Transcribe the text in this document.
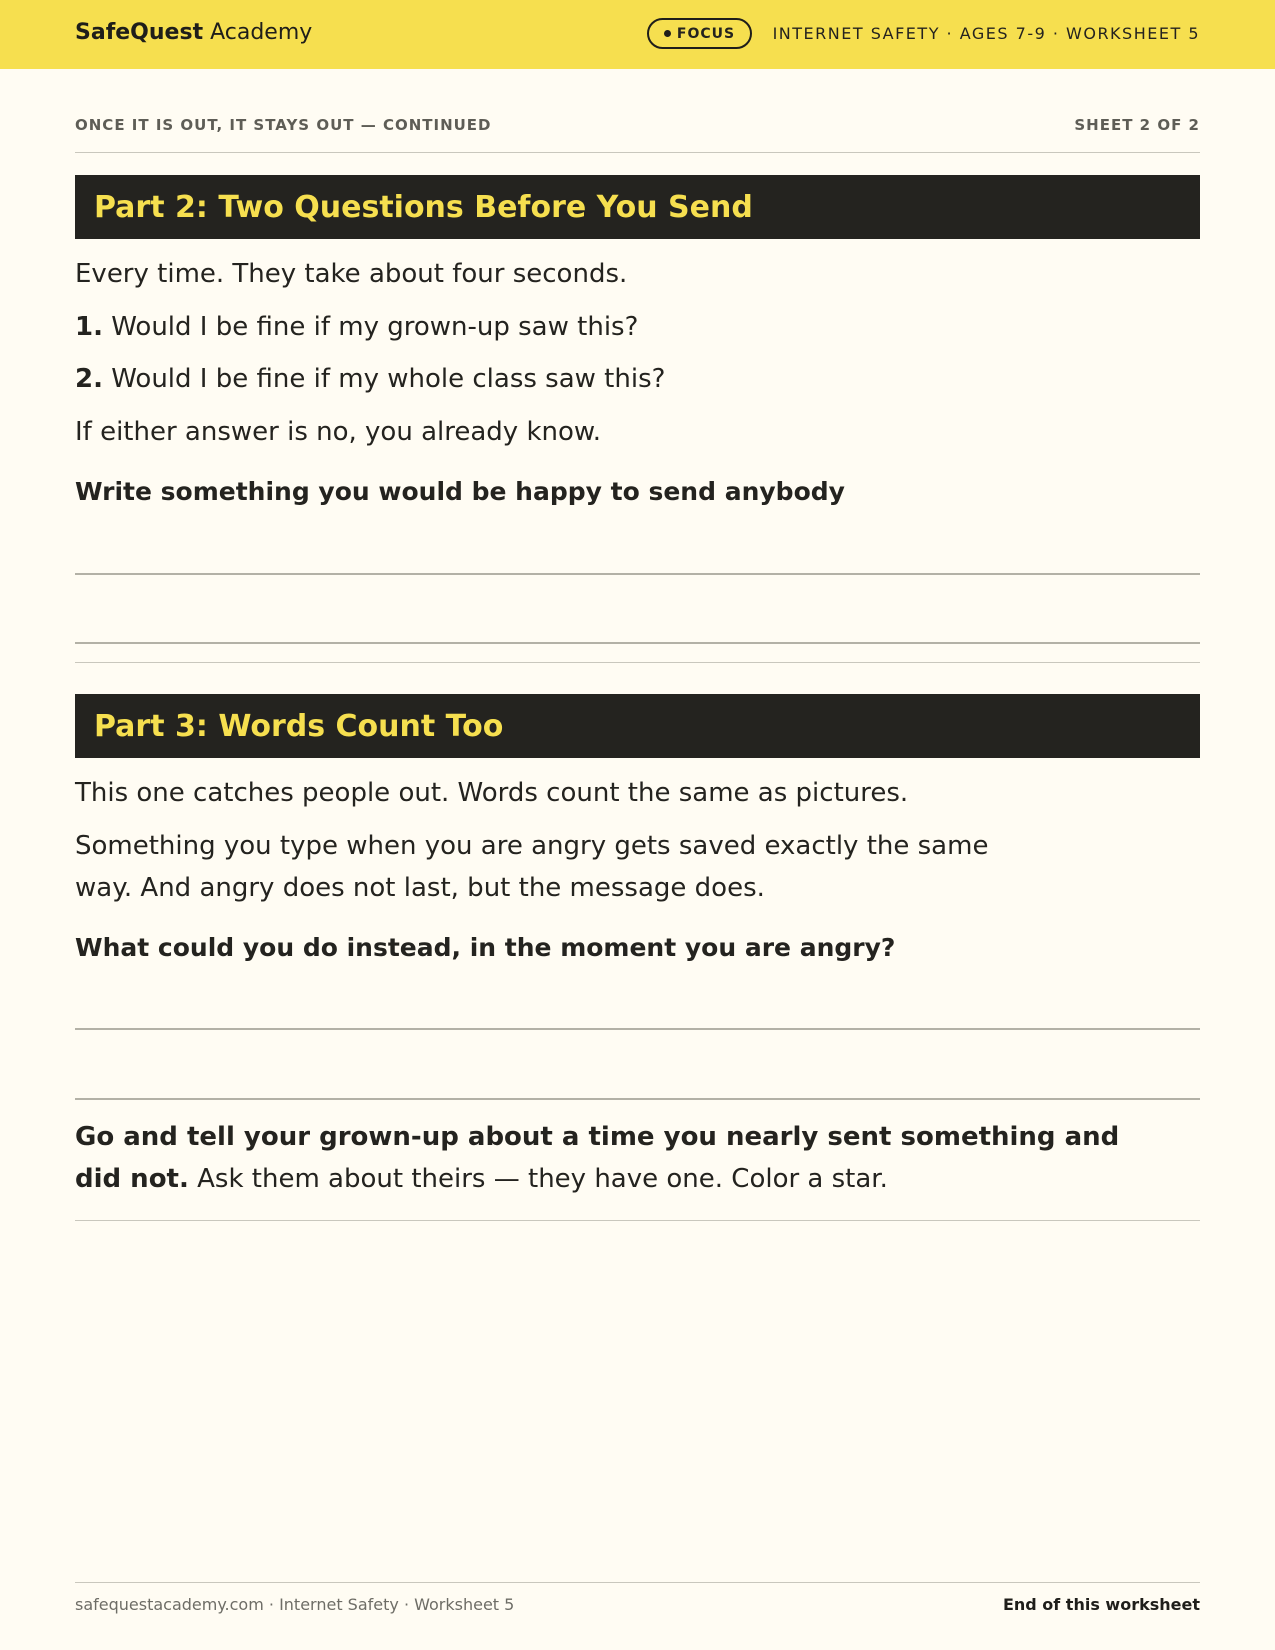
SafeQuest Academy	FOCUS INTERNET SAFETY · AGES 7-9 · WORKSHEET 5
ONCE IT IS OUT, IT STAYS OUT — CONTINUED	SHEET 2 OF 2
Part 2: Two Questions Before You Send
Every time. They take about four seconds.
1. Would I be fine if my grown-up saw this?
2. Would I be fine if my whole class saw this?
If either answer is no, you already know.
Write something you would be happy to send anybody
Part 3: Words Count Too
This one catches people out. Words count the same as pictures.
Something you type when you are angry gets saved exactly the same
way. And angry does not last, but the message does.
What could you do instead, in the moment you are angry?
Go and tell your grown-up about a time you nearly sent something and
did not. Ask them about theirs — they have one. Color a star.
safequestacademy.com · Internet Safety · Worksheet 5	End of this worksheet
